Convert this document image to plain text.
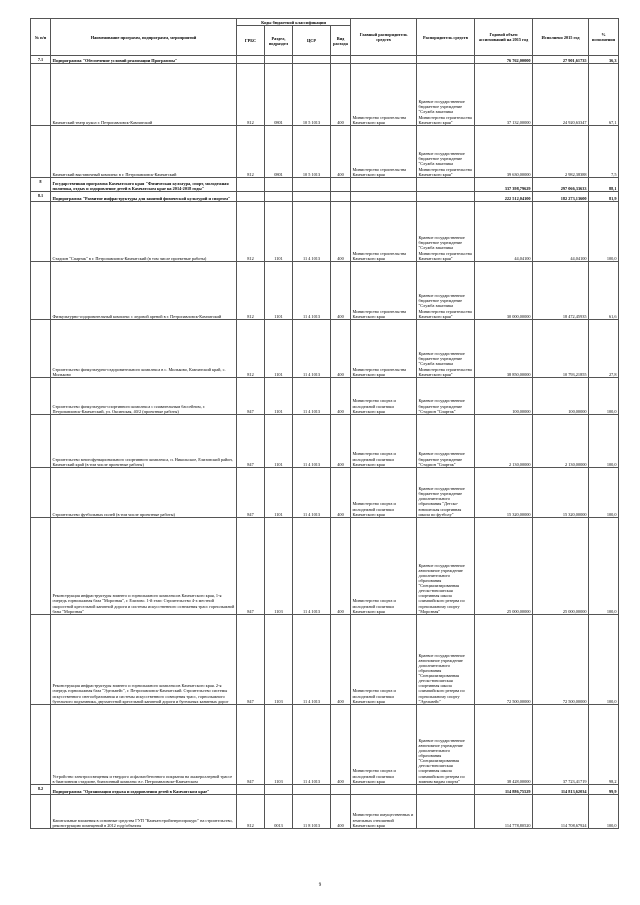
№ п/п	Наименование программ, подпрограмм, мероприятий	Коды бюджетной классификации				Главный распорядитель средств	Распорядитель средств	Годовой объем ассигнований на 2015 год	Исполнено 2015 год	% исполнения
		ГРБС	Раздел, подраздел	ЦСР	Вид расхода					
7.1	Подпрограмма "Обеспечение условий реализации Программы"							76 762,00000	27 901,61735	36,3
	Камчатский театр кукол г. Петропавловск-Камчатский	812	0801	10 5 1013	400	Министерство строительства Камчатского края	Краевое государственное бюджетное учреждение "Служба заказчика Министерства строительства Камчатского края"	37 132,00000	24 920,63347	67,1
	Камчатский выставочный комплекс в г. Петропавловск-Камчатский	812	0801	10 5 1013	400	Министерство строительства Камчатского края	Краевое государственное бюджетное учреждение "Служба заказчика Министерства строительства Камчатского края"	39 630,00000	2 982,38388	7,5
8	Государственная программа Камчатского края "Физическая культура, спорт, молодежная политика, отдых и оздоровление детей в Камчатском крае на 2014-2018 годы"							337 398,79629	297 066,33633	88,1
8.1	Подпрограмма "Развитие инфраструктуры для занятий физической культурой и спортом"							222 512,04100	182 273,13600	81,9
	Стадион "Спартак" в г. Петропавловск-Камчатский (в том числе проектные работы)	812	1101	11 4 1013	400	Министерство строительства Камчатского края	Краевое государственное бюджетное учреждение "Служба заказчика Министерства строительства Камчатского края"	44,04100	44,04100	100,0
	Физкультурно-оздоровительный комплекс с ледовой ареной в г. Петропавловск-Камчатский	812	1101	11 4 1013	400	Министерство строительства Камчатского края	Краевое государственное бюджетное учреждение "Служба заказчика Министерства строительства Камчатского края"	30 000,00000	18 472,45935	61,6
	Строительство физкультурно-оздоровительного комплекса в с. Мильково, Камчатский край, с. Мильково	812	1101	11 4 1013	400	Министерство строительства Камчатского края	Краевое государственное бюджетное учреждение "Служба заказчика Министерства строительства Камчатского края"	38 850,00000	10 793,21855	27,8
	Строительство физкультурно-спортивного комплекса с плавательным бассейном, г. Петропавловск-Камчатский, ул. Оксинская, 40/2 (проектные работы)	847	1101	11 4 1013	400	Министерство спорта и молодежной политики Камчатского края	Краевое государственное бюджетное учреждение "Стадион "Спартак"	100,00000	100,00000	100,0
	Строительство многофункционального спортивного комплекса, п. Никольское, Елизовский район, Камчатский край (в том числе проектные работы)	847	1101	11 4 1013	400	Министерство спорта и молодежной политики Камчатского края	Краевое государственное бюджетное учреждение "Стадион "Спартак"	2 130,00000	2 130,00000	100,0
	Строительство футбольных полей (в том числе проектные работы)	847	1101	11 4 1013	400	Министерство спорта и молодежной политики Камчатского края	Краевое государственное бюджетное учреждение дополнительного образования "Детско-юношеская спортивная школа по футболу"	15 320,00000	15 320,00000	100,0
	Реконструкция инфраструктуры зимнего и горнолыжного комплексов Камчатского края, 1-я очередь горнолыжная база "Морозная", г. Елизово. 1-й этап: Строительство 4-х местной скоростной кресельной канатной дороги и системы искусственного оснежения трасс горнолыжной базы "Морозная"	847	1103	11 4 1013	400	Министерство спорта и молодежной политики Камчатского края	Краевое государственное автономное учреждение дополнительного образования "Специализированная детско-юношеская спортивная школа олимпийского резерва по горнолыжному спорту "Морозная"	25 000,00000	25 000,00000	100,0
	Реконструкция инфраструктуры зимнего и горнолыжного комплексов Камчатского края. 2-я очередь горнолыжная база "Эдельвейс", г. Петропавловск-Камчатский. Строительство системы искусственного снегообразования и системы искусственного освещения трасс, горнолыжного бугельного подъемника, двухместной кресельной канатной дороги и бугельных канатных дорог	847	1103	11 4 1013	400	Министерство спорта и молодежной политики Камчатского края	Краевое государственное автономное учреждение дополнительного образования "Специализированная детско-юношеская спортивная школа олимпийского резерва по горнолыжному спорту "Эдельвейс"	72 500,00000	72 500,00000	100,0
	Устройство электроосвещения и твердого асфальтобетонного покрытия на лыжероллерной трассе в биатлонном стадионе, биатлонный комплекс в г. Петропавловске-Камчатском	847	1103	11 4 1013	400	Министерство спорта и молодежной политики Камчатского края	Краевое государственное автономное учреждение дополнительного образования "Специализированная детско-юношеская спортивная школа олимпийского резерва по зимним видам спорта"	38 428,00000	37 723,41719	98,2
8.2	Подпрограмма "Организация отдыха и оздоровления детей в Камчатском крае"							114 886,75529	114 813,62034	99,9
	Капитальные вложения в основные средства ГУП "Камчатстройэнергопрокурс" на строительство, реконструкцию помещений в 2012 году/объекты	812	0013	11 8 1013	400	Министерство имущественных и земельных отношений Камчатского края		114 778,80520	114 708,67924	100,0
9
